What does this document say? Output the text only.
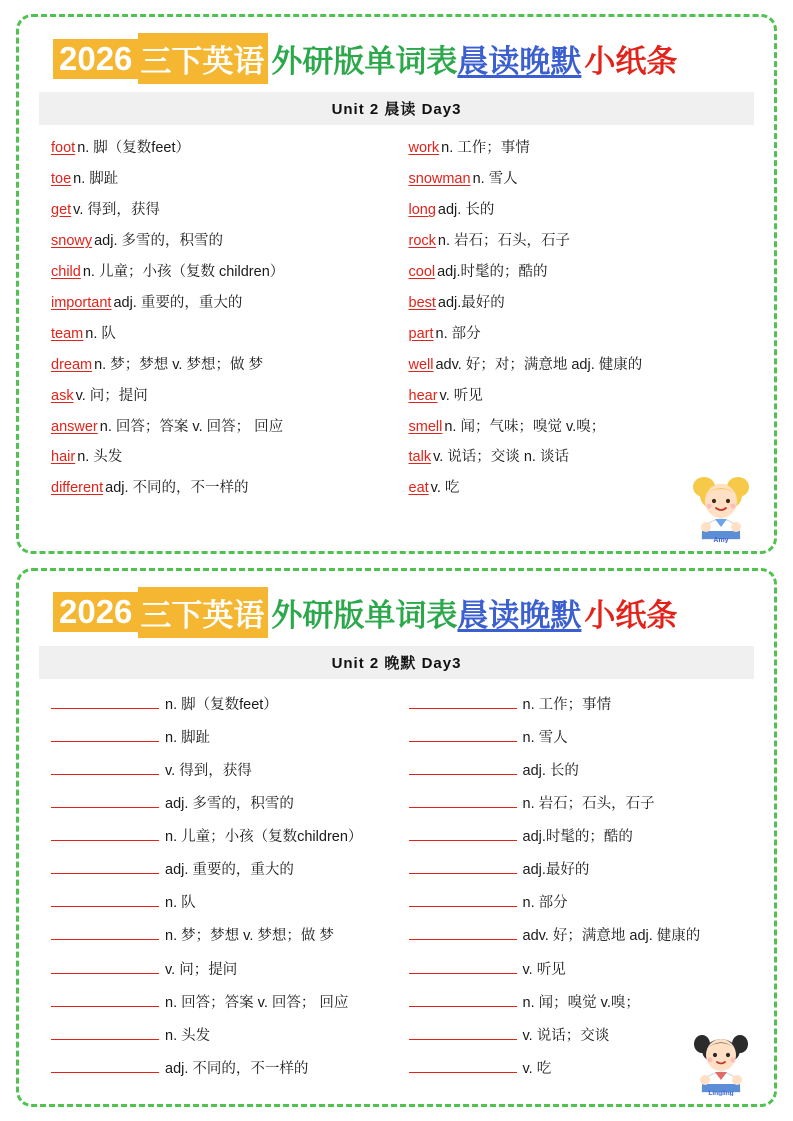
2026 三下英语 外研版单词表 晨读晚默 小纸条
Unit 2 晨读 Day3
foot n. 脚（复数feet）
toe n. 脚趾
get v. 得到，获得
snowy adj. 多雪的，积雪的
child n. 儿童；小孩（复数 children）
important adj. 重要的，重大的
team n. 队
dream n. 梦；梦想 v. 梦想；做 梦
ask v. 问；提问
answer n. 回答；答案 v. 回答； 回应
hair n. 头发
different adj. 不同的，不一样的
work n. 工作；事情
snowman n. 雪人
long adj. 长的
rock n. 岩石；石头，石子
cool adj.时髦的；酷的
best adj.最好的
part n. 部分
well adv. 好；对；满意地 adj. 健康的
hear v. 听见
smell n. 闻；气味；嗅觉 v.嗅；
talk v. 说话；交谈 n. 谈话
eat v. 吃
Amy
2026 三下英语 外研版单词表 晨读晚默 小纸条
Unit 2 晚默 Day3
n. 脚（复数feet）
n. 脚趾
v. 得到，获得
adj. 多雪的，积雪的
n. 儿童；小孩（复数children）
adj. 重要的，重大的
n. 队
n. 梦；梦想 v. 梦想；做 梦
v. 问；提问
n. 回答；答案 v. 回答； 回应
n. 头发
adj. 不同的，不一样的
n. 工作；事情
n. 雪人
adj. 长的
n. 岩石；石头，石子
adj.时髦的；酷的
adj.最好的
n. 部分
adv. 好；满意地 adj. 健康的
v. 听见
n. 闻；嗅觉 v.嗅；
v. 说话；交谈
v. 吃
Lingling
